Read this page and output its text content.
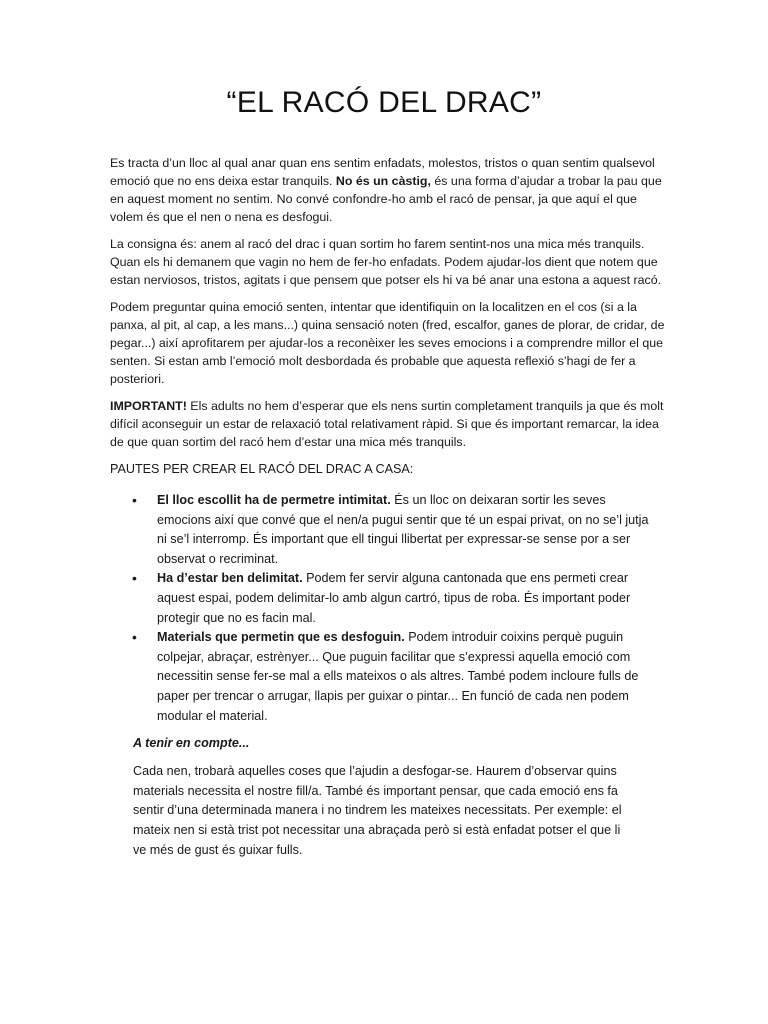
“EL RACÓ DEL DRAC”

Es tracta d’un lloc al qual anar quan ens sentim enfadats, molestos, tristos o quan sentim qualsevol emoció que no ens deixa estar tranquils. No és un càstig, és una forma d’ajudar a trobar la pau que en aquest moment no sentim. No convé confondre-ho amb el racó de pensar, ja que aquí el que volem és que el nen o nena es desfogui.

La consigna és: anem al racó del drac i quan sortim ho farem sentint-nos una mica més tranquils. Quan els hi demanem que vagin no hem de fer-ho enfadats. Podem ajudar-los dient que notem que estan nerviosos, tristos, agitats i que pensem que potser els hi va bé anar una estona a aquest racó.

Podem preguntar quina emoció senten, intentar que identifiquin on la localitzen en el cos (si a la panxa, al pit, al cap, a les mans...) quina sensació noten (fred, escalfor, ganes de plorar, de cridar, de pegar...) així aprofitarem per ajudar-los a reconèixer les seves emocions i a comprendre millor el que senten. Si estan amb l’emoció molt desbordada és probable que aquesta reflexió s’hagi de fer a posteriori.

IMPORTANT! Els adults no hem d’esperar que els nens surtin completament tranquils ja que és molt difícil aconseguir un estar de relaxació total relativament ràpid. Si que és important remarcar, la idea de que quan sortim del racó hem d’estar una mica més tranquils.

PAUTES PER CREAR EL RACÓ DEL DRAC A CASA:
• El lloc escollit ha de permetre intimitat. És un lloc on deixaran sortir les seves emocions així que convé que el nen/a pugui sentir que té un espai privat, on no se’l jutja ni se’l interromp. És important que ell tingui llibertat per expressar-se sense por a ser observat o recriminat.
• Ha d’estar ben delimitat. Podem fer servir alguna cantonada que ens permeti crear aquest espai, podem delimitar-lo amb algun cartró, tipus de roba. És important poder protegir que no es facin mal.
• Materials que permetin que es desfoguin. Podem introduir coixins perquè puguin colpejar, abraçar, estrènyer... Que puguin facilitar que s’expressi aquella emoció com necessitin sense fer-se mal a ells mateixos o als altres. També podem incloure fulls de paper per trencar o arrugar, llapis per guixar o pintar... En funció de cada nen podem modular el material.
A tenir en compte...
Cada nen, trobarà aquelles coses que l’ajudin a desfogar-se. Haurem d’observar quins materials necessita el nostre fill/a. També és important pensar, que cada emoció ens fa sentir d’una determinada manera i no tindrem les mateixes necessitats. Per exemple: el mateix nen si està trist pot necessitar una abraçada però si està enfadat potser el que li ve més de gust és guixar fulls.
